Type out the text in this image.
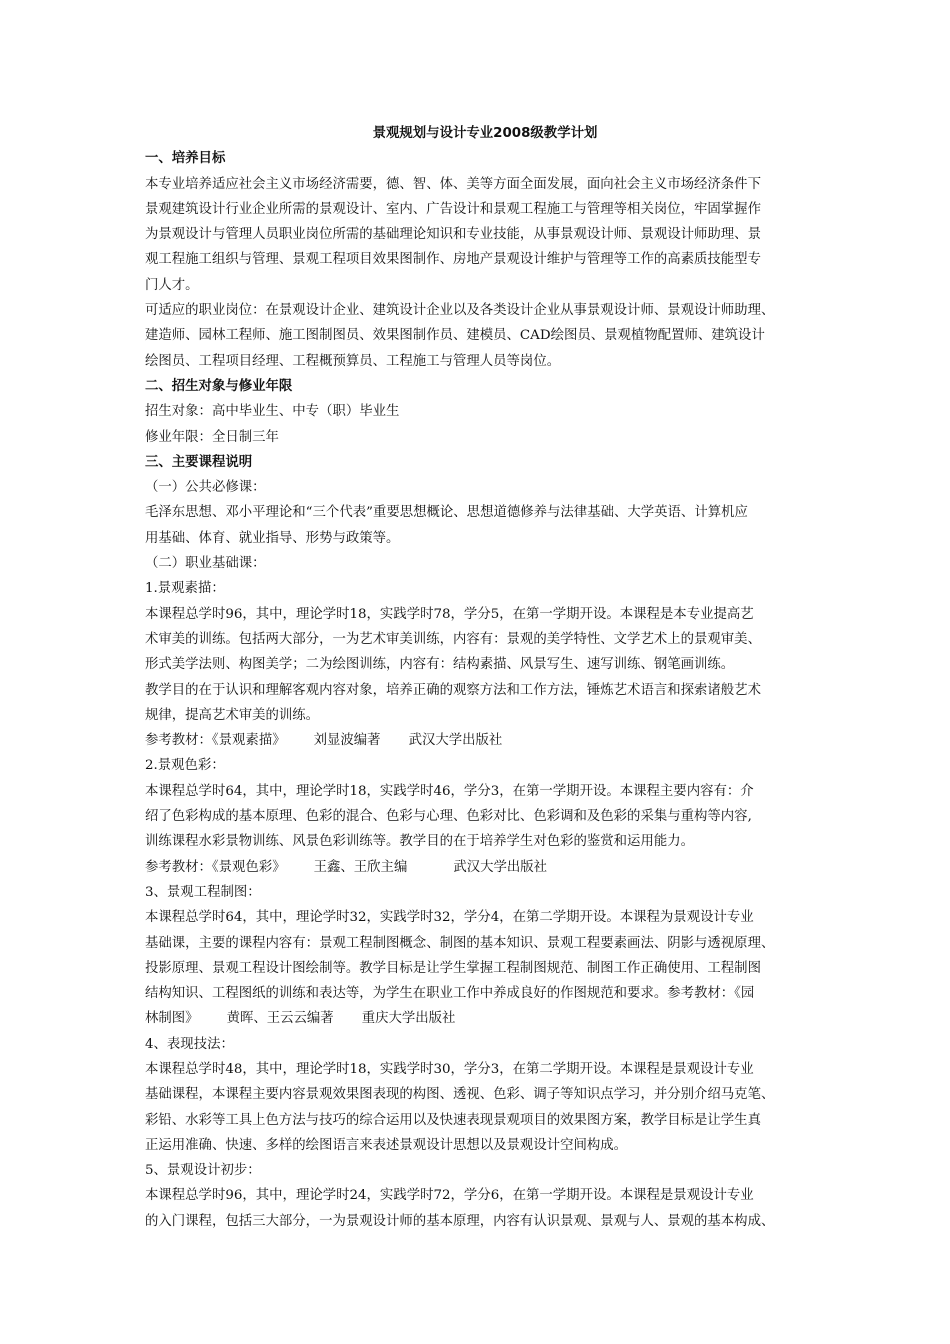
景观规划与设计专业2008级教学计划
一、培养目标
本专业培养适应社会主义市场经济需要，德、智、体、美等方面全面发展，面向社会主义市场经济条件下
景观建筑设计行业企业所需的景观设计、室内、广告设计和景观工程施工与管理等相关岗位，牢固掌握作
为景观设计与管理人员职业岗位所需的基础理论知识和专业技能，从事景观设计师、景观设计师助理、景
观工程施工组织与管理、景观工程项目效果图制作、房地产景观设计维护与管理等工作的高素质技能型专
门人才。
可适应的职业岗位：在景观设计企业、建筑设计企业以及各类设计企业从事景观设计师、景观设计师助理、
建造师、园林工程师、施工图制图员、效果图制作员、建模员、CAD绘图员、景观植物配置师、建筑设计
绘图员、工程项目经理、工程概预算员、工程施工与管理人员等岗位。
二、招生对象与修业年限
招生对象：高中毕业生、中专（职）毕业生
修业年限：全日制三年
三、主要课程说明
（一）公共必修课：
毛泽东思想、邓小平理论和“三个代表”重要思想概论、思想道德修养与法律基础、大学英语、计算机应
用基础、体育、就业指导、形势与政策等。
（二）职业基础课：
1.景观素描：
本课程总学时96，其中，理论学时18，实践学时78，学分5，在第一学期开设。本课程是本专业提高艺
术审美的训练。包括两大部分，一为艺术审美训练，内容有：景观的美学特性、文学艺术上的景观审美、
形式美学法则、构图美学；二为绘图训练，内容有：结构素描、风景写生、速写训练、钢笔画训练。
教学目的在于认识和理解客观内容对象，培养正确的观察方法和工作方法，锤炼艺术语言和探索诸般艺术
规律，提高艺术审美的训练。
参考教材：《景观素描》 刘显波编著 武汉大学出版社
2.景观色彩：
本课程总学时64，其中，理论学时18，实践学时46，学分3，在第一学期开设。本课程主要内容有：介
绍了色彩构成的基本原理、色彩的混合、色彩与心理、色彩对比、色彩调和及色彩的采集与重构等内容,
训练课程水彩景物训练、风景色彩训练等。教学目的在于培养学生对色彩的鉴赏和运用能力。
参考教材：《景观色彩》 王鑫、王欣主编	武汉大学出版社
3、景观工程制图：
本课程总学时64，其中，理论学时32，实践学时32，学分4，在第二学期开设。本课程为景观设计专业
基础课，主要的课程内容有：景观工程制图概念、制图的基本知识、景观工程要素画法、阴影与透视原理、
投影原理、景观工程设计图绘制等。教学目标是让学生掌握工程制图规范、制图工作正确使用、工程制图
结构知识、工程图纸的训练和表达等，为学生在职业工作中养成良好的作图规范和要求。参考教材：《园
林制图》 黄晖、王云云编著 重庆大学出版社
4、表现技法：
本课程总学时48，其中，理论学时18，实践学时30，学分3，在第二学期开设。本课程是景观设计专业
基础课程，本课程主要内容景观效果图表现的构图、透视、色彩、调子等知识点学习，并分别介绍马克笔、
彩铅、水彩等工具上色方法与技巧的综合运用以及快速表现景观项目的效果图方案，教学目标是让学生真
正运用准确、快速、多样的绘图语言来表述景观设计思想以及景观设计空间构成。
5、景观设计初步：
本课程总学时96，其中，理论学时24，实践学时72，学分6，在第一学期开设。本课程是景观设计专业
的入门课程，包括三大部分，一为景观设计师的基本原理，内容有认识景观、景观与人、景观的基本构成、
